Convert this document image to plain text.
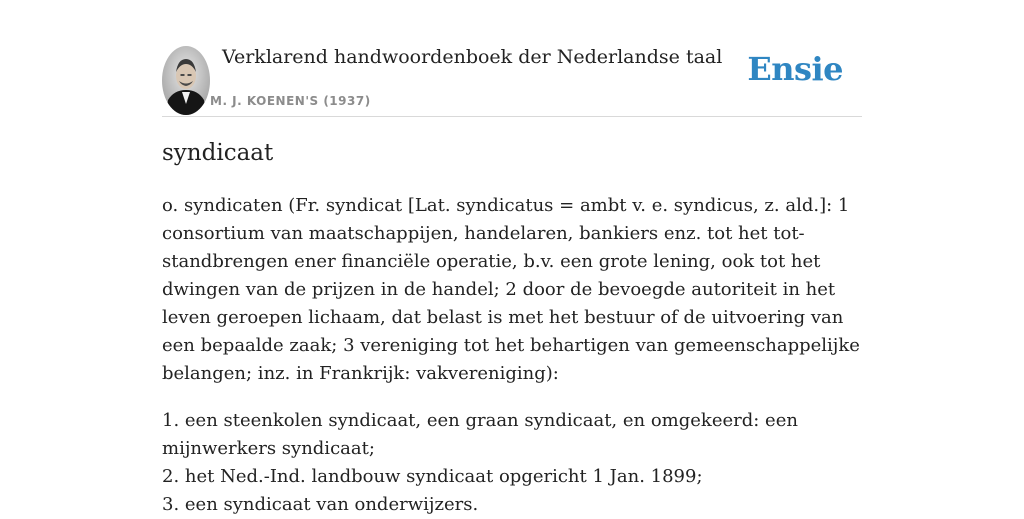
Verklarend handwoordenboek der Nederlandse taal
M. J. KOENEN'S (1937)
Ensie
syndicaat
o. syndicaten (Fr. syndicat [Lat. syndicatus = ambt v. e. syndicus, z. ald.]: 1 consortium van maatschappijen, handelaren, bankiers enz. tot het tot-standbrengen ener financiële operatie, b.v. een grote lening, ook tot het dwingen van de prijzen in de handel; 2 door de bevoegde autoriteit in het leven geroepen lichaam, dat belast is met het bestuur of de uitvoering van een bepaalde zaak; 3 vereniging tot het behartigen van gemeenschappelijke belangen; inz. in Frankrijk: vakvereniging):
1. een steenkolen syndicaat, een graan syndicaat, en omgekeerd: een mijnwerkers syndicaat;
2. het Ned.-Ind. landbouw syndicaat opgericht 1 Jan. 1899;
3. een syndicaat van onderwijzers.
